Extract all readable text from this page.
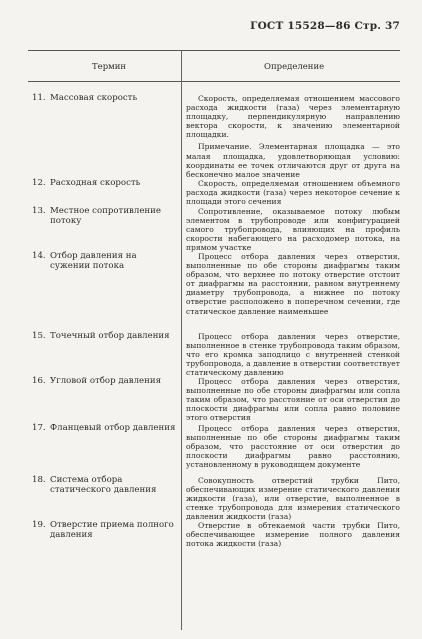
ГОСТ 15528—86 Стр. 37
Термин	Определение
11. Массовая скорость
12. Расходная скорость
13. Местное сопротивление потоку
14. Отбор давления на сужении потока
15. Точечный отбор давления
16. Угловой отбор давления
17. Фланцевый отбор давления
18. Система отбора статического давления
19. Отверстие приема полного давления

Скорость, определяемая отношением массового расхода жидкости (газа) через элементарную площадку, перпендикулярную направлению вектора скорости, к значению элементарной площадки.

Примечание. Элементарная площадка — это малая площадка, удовлетворяющая условию: координаты ее точек отличаются друг от друга на бесконечно малое значение

Скорость, определяемая отношением объемного расхода жидкости (газа) через некоторое сечение к площади этого сечения

Сопротивление, оказываемое потоку любым элементом в трубопроводе или конфигурацией самого трубопровода, влияющих на профиль скорости набегающего на расходомер потока, на прямом участке

Процесс отбора давления через отверстия, выполненные по обе стороны диафрагмы таким образом, что верхнее по потоку отверстие отстоит от диафрагмы на расстоянии, равном внутреннему диаметру трубопровода, а нижнее по потоку отверстие расположено в поперечном сечении, где статическое давление наименьшее

Процесс отбора давления через отверстие, выполненное в стенке трубопровода таким образом, что его кромка заподлицо с внутренней стенкой трубопровода, а давление в отверстии соответствует статическому давлению

Процесс отбора давления через отверстия, выполненные по обе стороны диафрагмы или сопла таким образом, что расстояние от оси отверстия до плоскости диафрагмы или сопла равно половине этого отверстия

Процесс отбора давления через отверстия, выполненные по обе стороны диафрагмы таким образом, что расстояние от оси отверстия до плоскости диафрагмы равно расстоянию, установленному в руководящем документе

Совокупность отверстий трубки Пито, обеспечивающих измерение статического давления жидкости (газа), или отверстие, выполненное в стенке трубопровода для измерения статического давления жидкости (газа)

Отверстие в обтекаемой части трубки Пито, обеспечивающее измерение полного давления потока жидкости (газа)
